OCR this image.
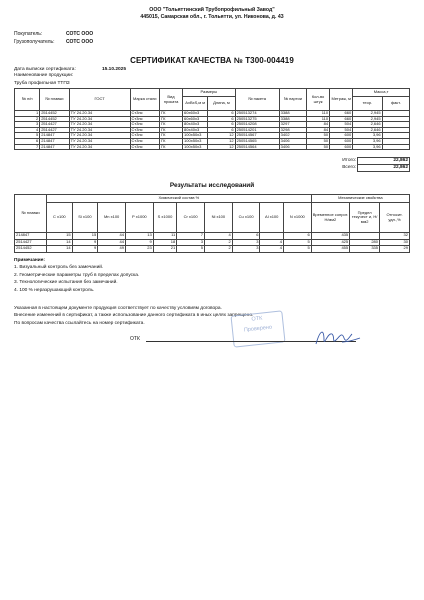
ООО "Тольяттинский Трубопрофильный Завод"
445015, Самарская обл., г. Тольятти, ул. Никонова, д. 43
Покупатель:	СОТС ООО
Грузополучатель: СОТС ООО
СЕРТИФИКАТ КАЧЕСТВА № Т300-004419
Дата выписки сертификата:	15.10.2025
Наименование продукции:
Труба профильная ТТПЗ
№ п/п	№ плавки	ГОСТ	Марка стали	Вид проката	Размеры		№ пакета	№ партии	Кол-во штук	Метраж, м	Масса,т	
					AxBxS,м м	Длина, м					теор.	факт.
1	2514452	ТУ 24.20.34	Ст3пс	ГК	60x60x3	6	250513274	3388	110	660	2,945	
2	2514452	ТУ 24.20.34	Ст3пс	ГК	60x60x3	6	250513275	3388	110	660	2,945	
3	2514427	ТУ 24.20.34	Ст3пс	ГК	80x40x3	6	250514208	3297	84	504	2,646	
4	2514427	ТУ 24.20.34	Ст3пс	ГК	80x40x3	6	250514201	3298	84	504	2,646	
5	214847	ТУ 24.20.34	Ст3пс	ГК	100x50x3	12	250514567	3402	50	600	3,96	
6	214847	ТУ 24.20.34	Ст3пс	ГК	100x50x3	12	250514565	3406	50	600	3,96	
7	214847	ТУ 24.20.34	Ст3пс	ГК	100x50x3	12	250514564	3406	50	600	3,96	
Итого:	22,862
Всего:	22,862
Результаты исследований
№ плавки	Химический состав %										Механические свойства		
	C x100	Si x100	Mn x100	P x1000	S x1000	Cr x100	Ni x100	Cu x100	Al x100	N x1000	Временное сопрот. Н/мм2	Предел текучест и, Н/мм2	Относит. удл.,%
214847	15	15	44	13	11	7	4	6		6	435		32
2514427	14	9	44	9	18	3	2	3	4	5	425	280	30
2514452	14	9	49	23	21	5	2	3	4	5	455	335	29
Примечание:
1. Визуальный контроль без замечаний.
2. Геометрические параметры труб в пределах допуска.
3. Технологические испытания без замечаний.
4. 100 % неразрушающий контроль.
Указанная в настоящем документе продукция соответствует по качеству условиям договора.
Внесение изменений в сертификат, а также использование данного сертификата в иных целях запрещено.
По вопросам качества ссылайтесь на номер сертификата.
ОТК
Проверено
ОТК
